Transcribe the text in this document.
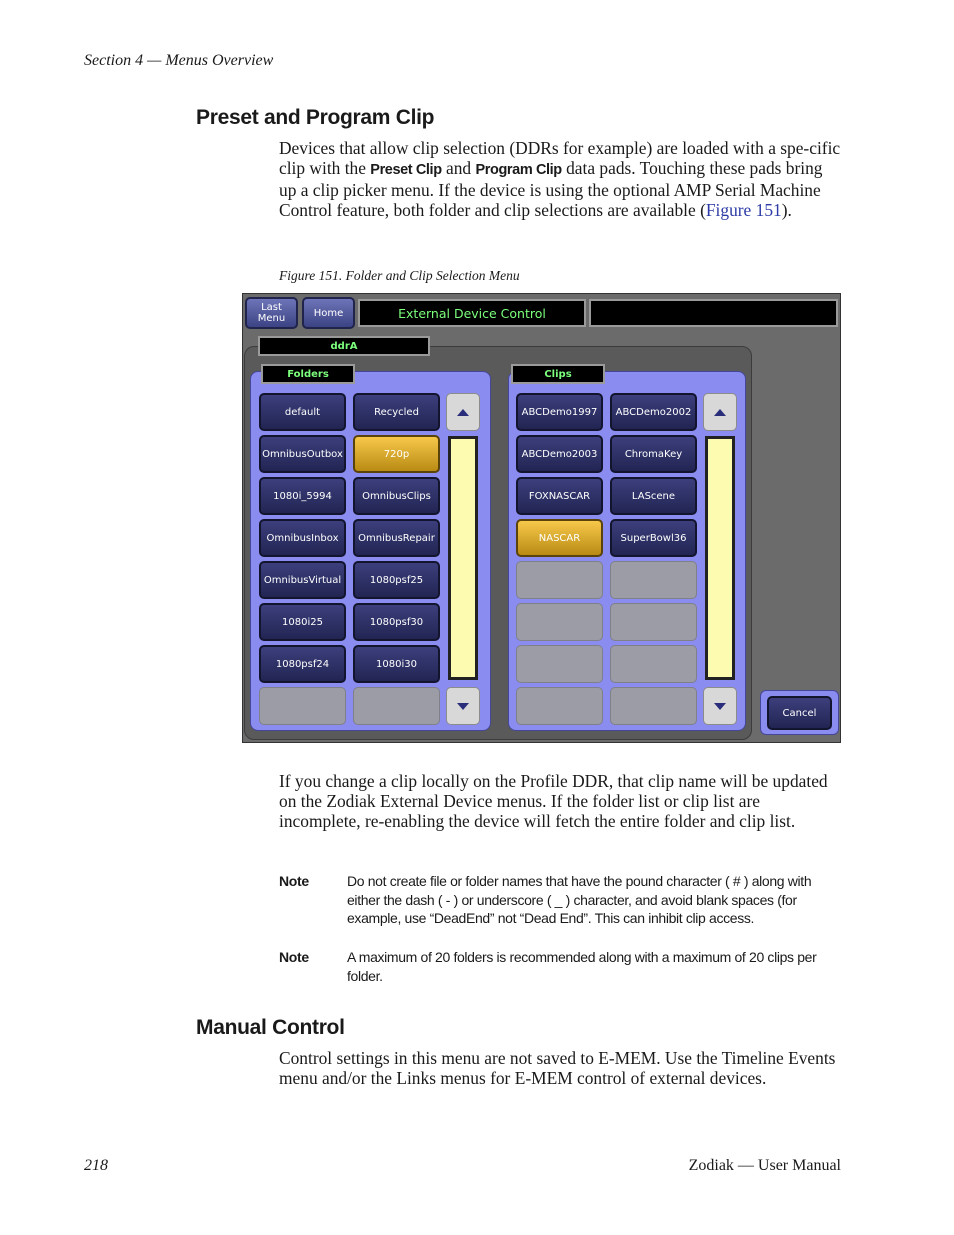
Section 4 — Menus Overview
Preset and Program Clip

Devices that allow clip selection (DDRs for example) are loaded with a spe-cific clip with the Preset Clip and Program Clip data pads. Touching these pads bring up a clip picker menu. If the device is using the optional AMP Serial Machine Control feature, both folder and clip selections are available (Figure 151).

Figure 151. Folder and Clip Selection Menu
Last Menu	Home	External Device Control
ddrA
Folders
default	Recycled
OmnibusOutbox	720p
1080i_5994	OmnibusClips
OmnibusInbox	OmnibusRepair
OmnibusVirtual	1080psf25
1080i25	1080psf30
1080psf24	1080i30
Clips
ABCDemo1997	ABCDemo2002
ABCDemo2003	ChromaKey
FOXNASCAR	LAScene
NASCAR	SuperBowl36
Cancel

If you change a clip locally on the Profile DDR, that clip name will be updated on the Zodiak External Device menus. If the folder list or clip list are incomplete, re-enabling the device will fetch the entire folder and clip list.

Note	Do not create file or folder names that have the pound character ( # ) along with either the dash ( - ) or underscore ( _ ) character, and avoid blank spaces (for example, use “DeadEnd” not “Dead End”. This can inhibit clip access.

Note	A maximum of 20 folders is recommended along with a maximum of 20 clips per folder.

Manual Control

Control settings in this menu are not saved to E-MEM. Use the Timeline Events menu and/or the Links menus for E-MEM control of external devices.

218	Zodiak — User Manual
